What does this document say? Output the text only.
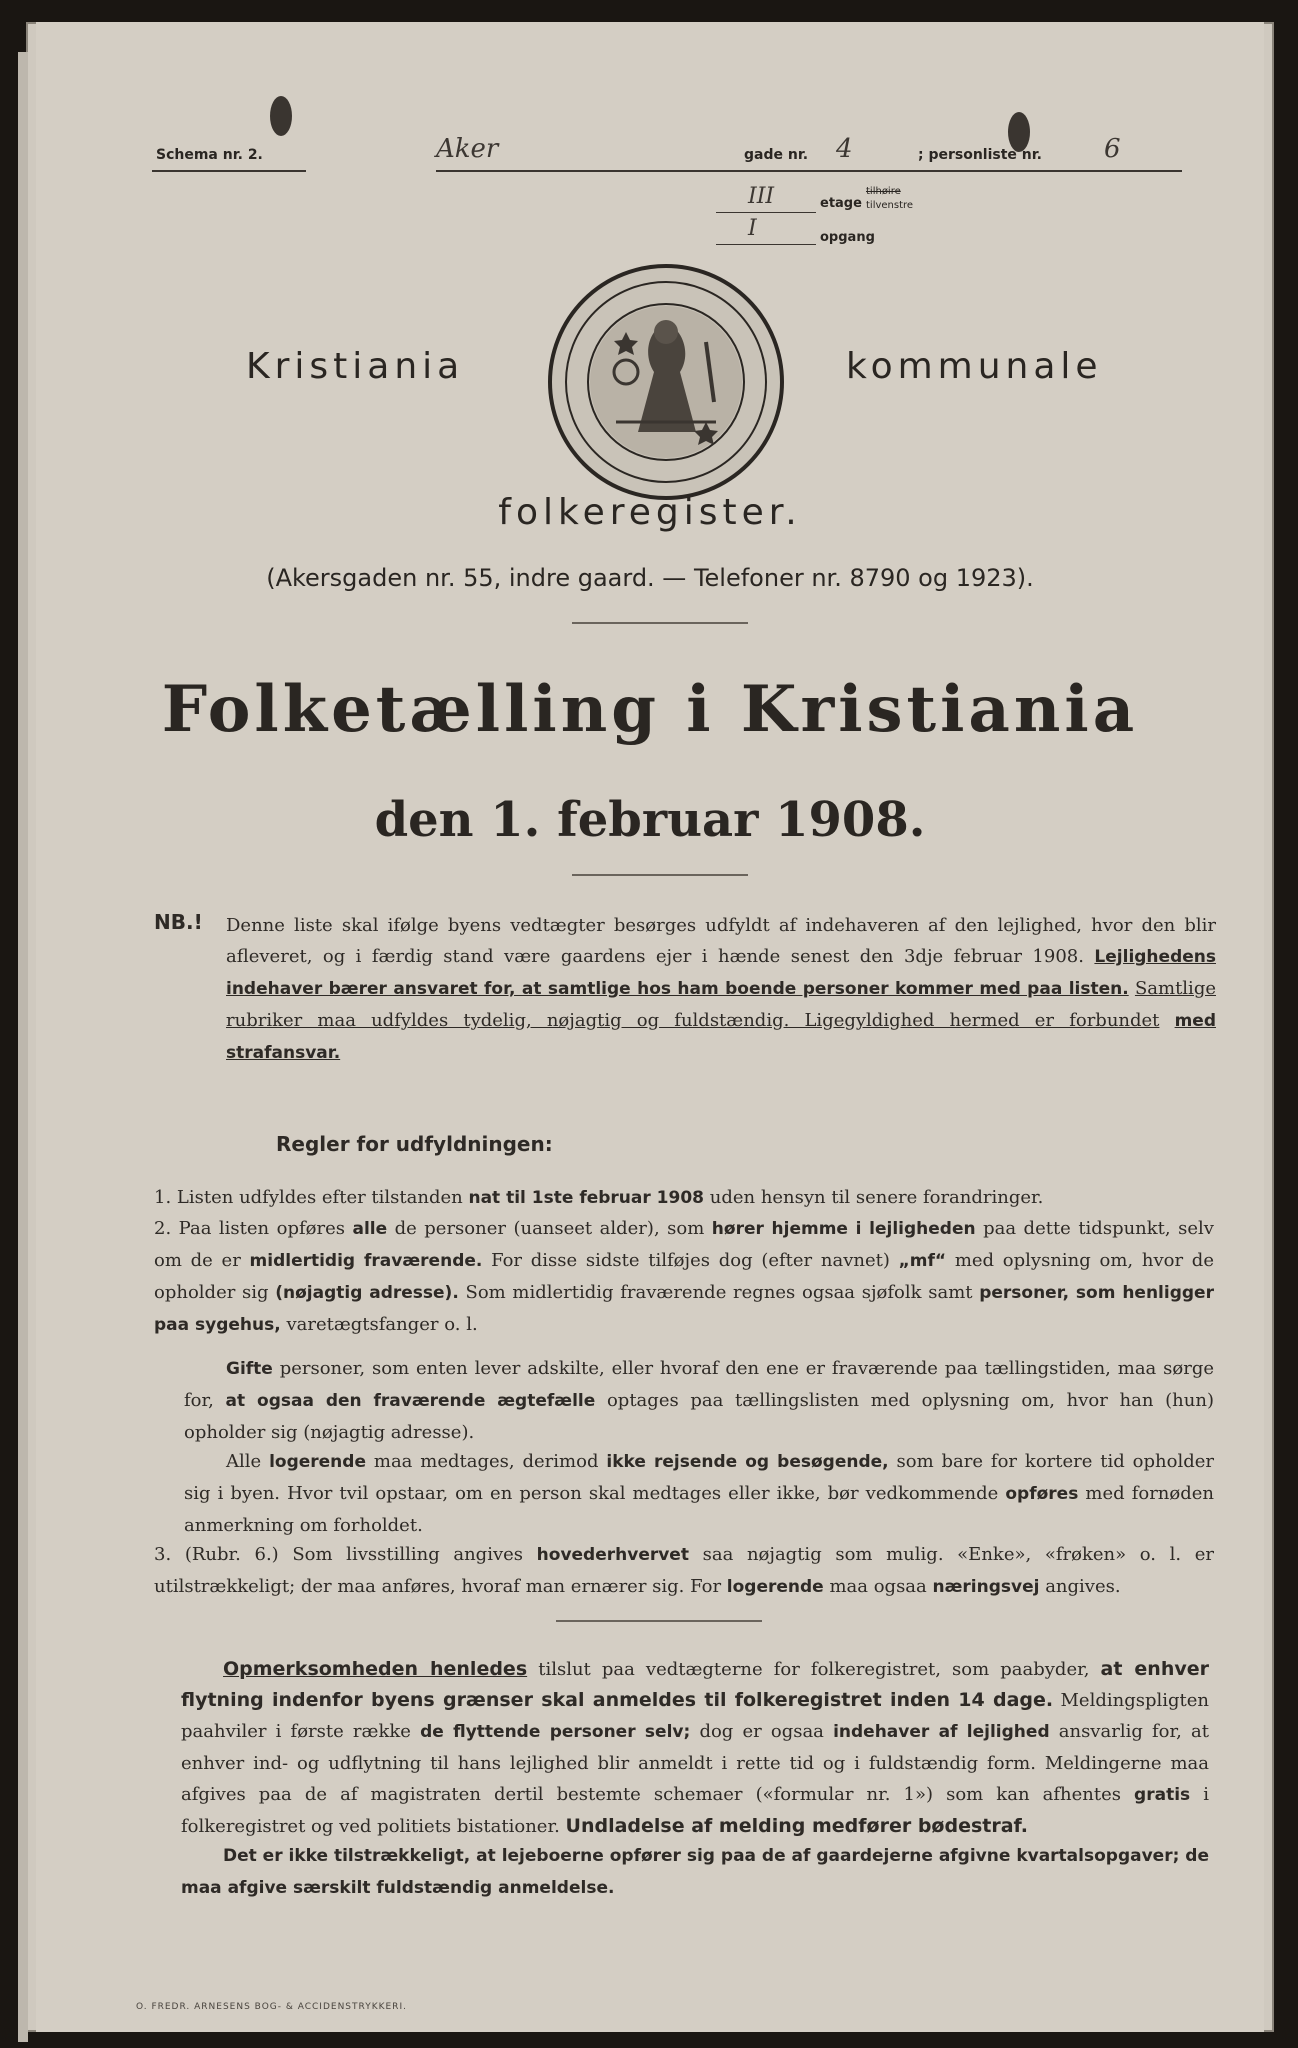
Schema nr. 2.	Aker	gade nr. 4	; personliste nr. 6
III	etage
tilhøire
tilvenstre
I	opgang
Kristiania	kommunale
folkeregister.
(Akersgaden nr. 55, indre gaard. — Telefoner nr. 8790 og 1923).
Folketælling i Kristiania
den 1. februar 1908.
NB.! Denne liste skal ifølge byens vedtægter besørges udfyldt af indehaveren af den lejlighed, hvor den blir afleveret, og i færdig stand være gaardens ejer i hænde senest den 3dje februar 1908. Lejlighedens indehaver bærer ansvaret for, at samtlige hos ham boende personer kommer med paa listen. Samtlige rubriker maa udfyldes tydelig, nøjagtig og fuldstændig. Ligegyldighed hermed er forbundet med strafansvar.
Regler for udfyldningen:
1. Listen udfyldes efter tilstanden nat til 1ste februar 1908 uden hensyn til senere forandringer.
2. Paa listen opføres alle de personer (uanseet alder), som hører hjemme i lejligheden paa dette tidspunkt, selv om de er midlertidig fraværende. For disse sidste tilføjes dog (efter navnet) „mf“ med oplysning om, hvor de opholder sig (nøjagtig adresse). Som midlertidig fraværende regnes ogsaa sjøfolk samt personer, som henligger paa sygehus, varetægtsfanger o. l.
Gifte personer, som enten lever adskilte, eller hvoraf den ene er fraværende paa tællingstiden, maa sørge for, at ogsaa den fraværende ægtefælle optages paa tællingslisten med oplysning om, hvor han (hun) opholder sig (nøjagtig adresse).
Alle logerende maa medtages, derimod ikke rejsende og besøgende, som bare for kortere tid opholder sig i byen. Hvor tvil opstaar, om en person skal medtages eller ikke, bør vedkommende opføres med fornøden anmerkning om forholdet.
3. (Rubr. 6.) Som livsstilling angives hovederhvervet saa nøjagtig som mulig. «Enke», «frøken» o. l. er utilstrækkeligt; der maa anføres, hvoraf man ernærer sig. For logerende maa ogsaa næringsvej angives.
Opmerksomheden henledes tilslut paa vedtægterne for folkeregistret, som paabyder, at enhver flytning indenfor byens grænser skal anmeldes til folkeregistret inden 14 dage. Meldingspligten paahviler i første række de flyttende personer selv; dog er ogsaa indehaver af lejlighed ansvarlig for, at enhver ind- og udflytning til hans lejlighed blir anmeldt i rette tid og i fuldstændig form. Meldingerne maa afgives paa de af magistraten dertil bestemte schemaer («formular nr. 1») som kan afhentes gratis i folkeregistret og ved politiets bistationer. Undladelse af melding medfører bødestraf.
Det er ikke tilstrækkeligt, at lejeboerne opfører sig paa de af gaardejerne afgivne kvartalsopgaver; de maa afgive særskilt fuldstændig anmeldelse.
O. FREDR. ARNESENS BOG- & ACCIDENSTRYKKERI.
